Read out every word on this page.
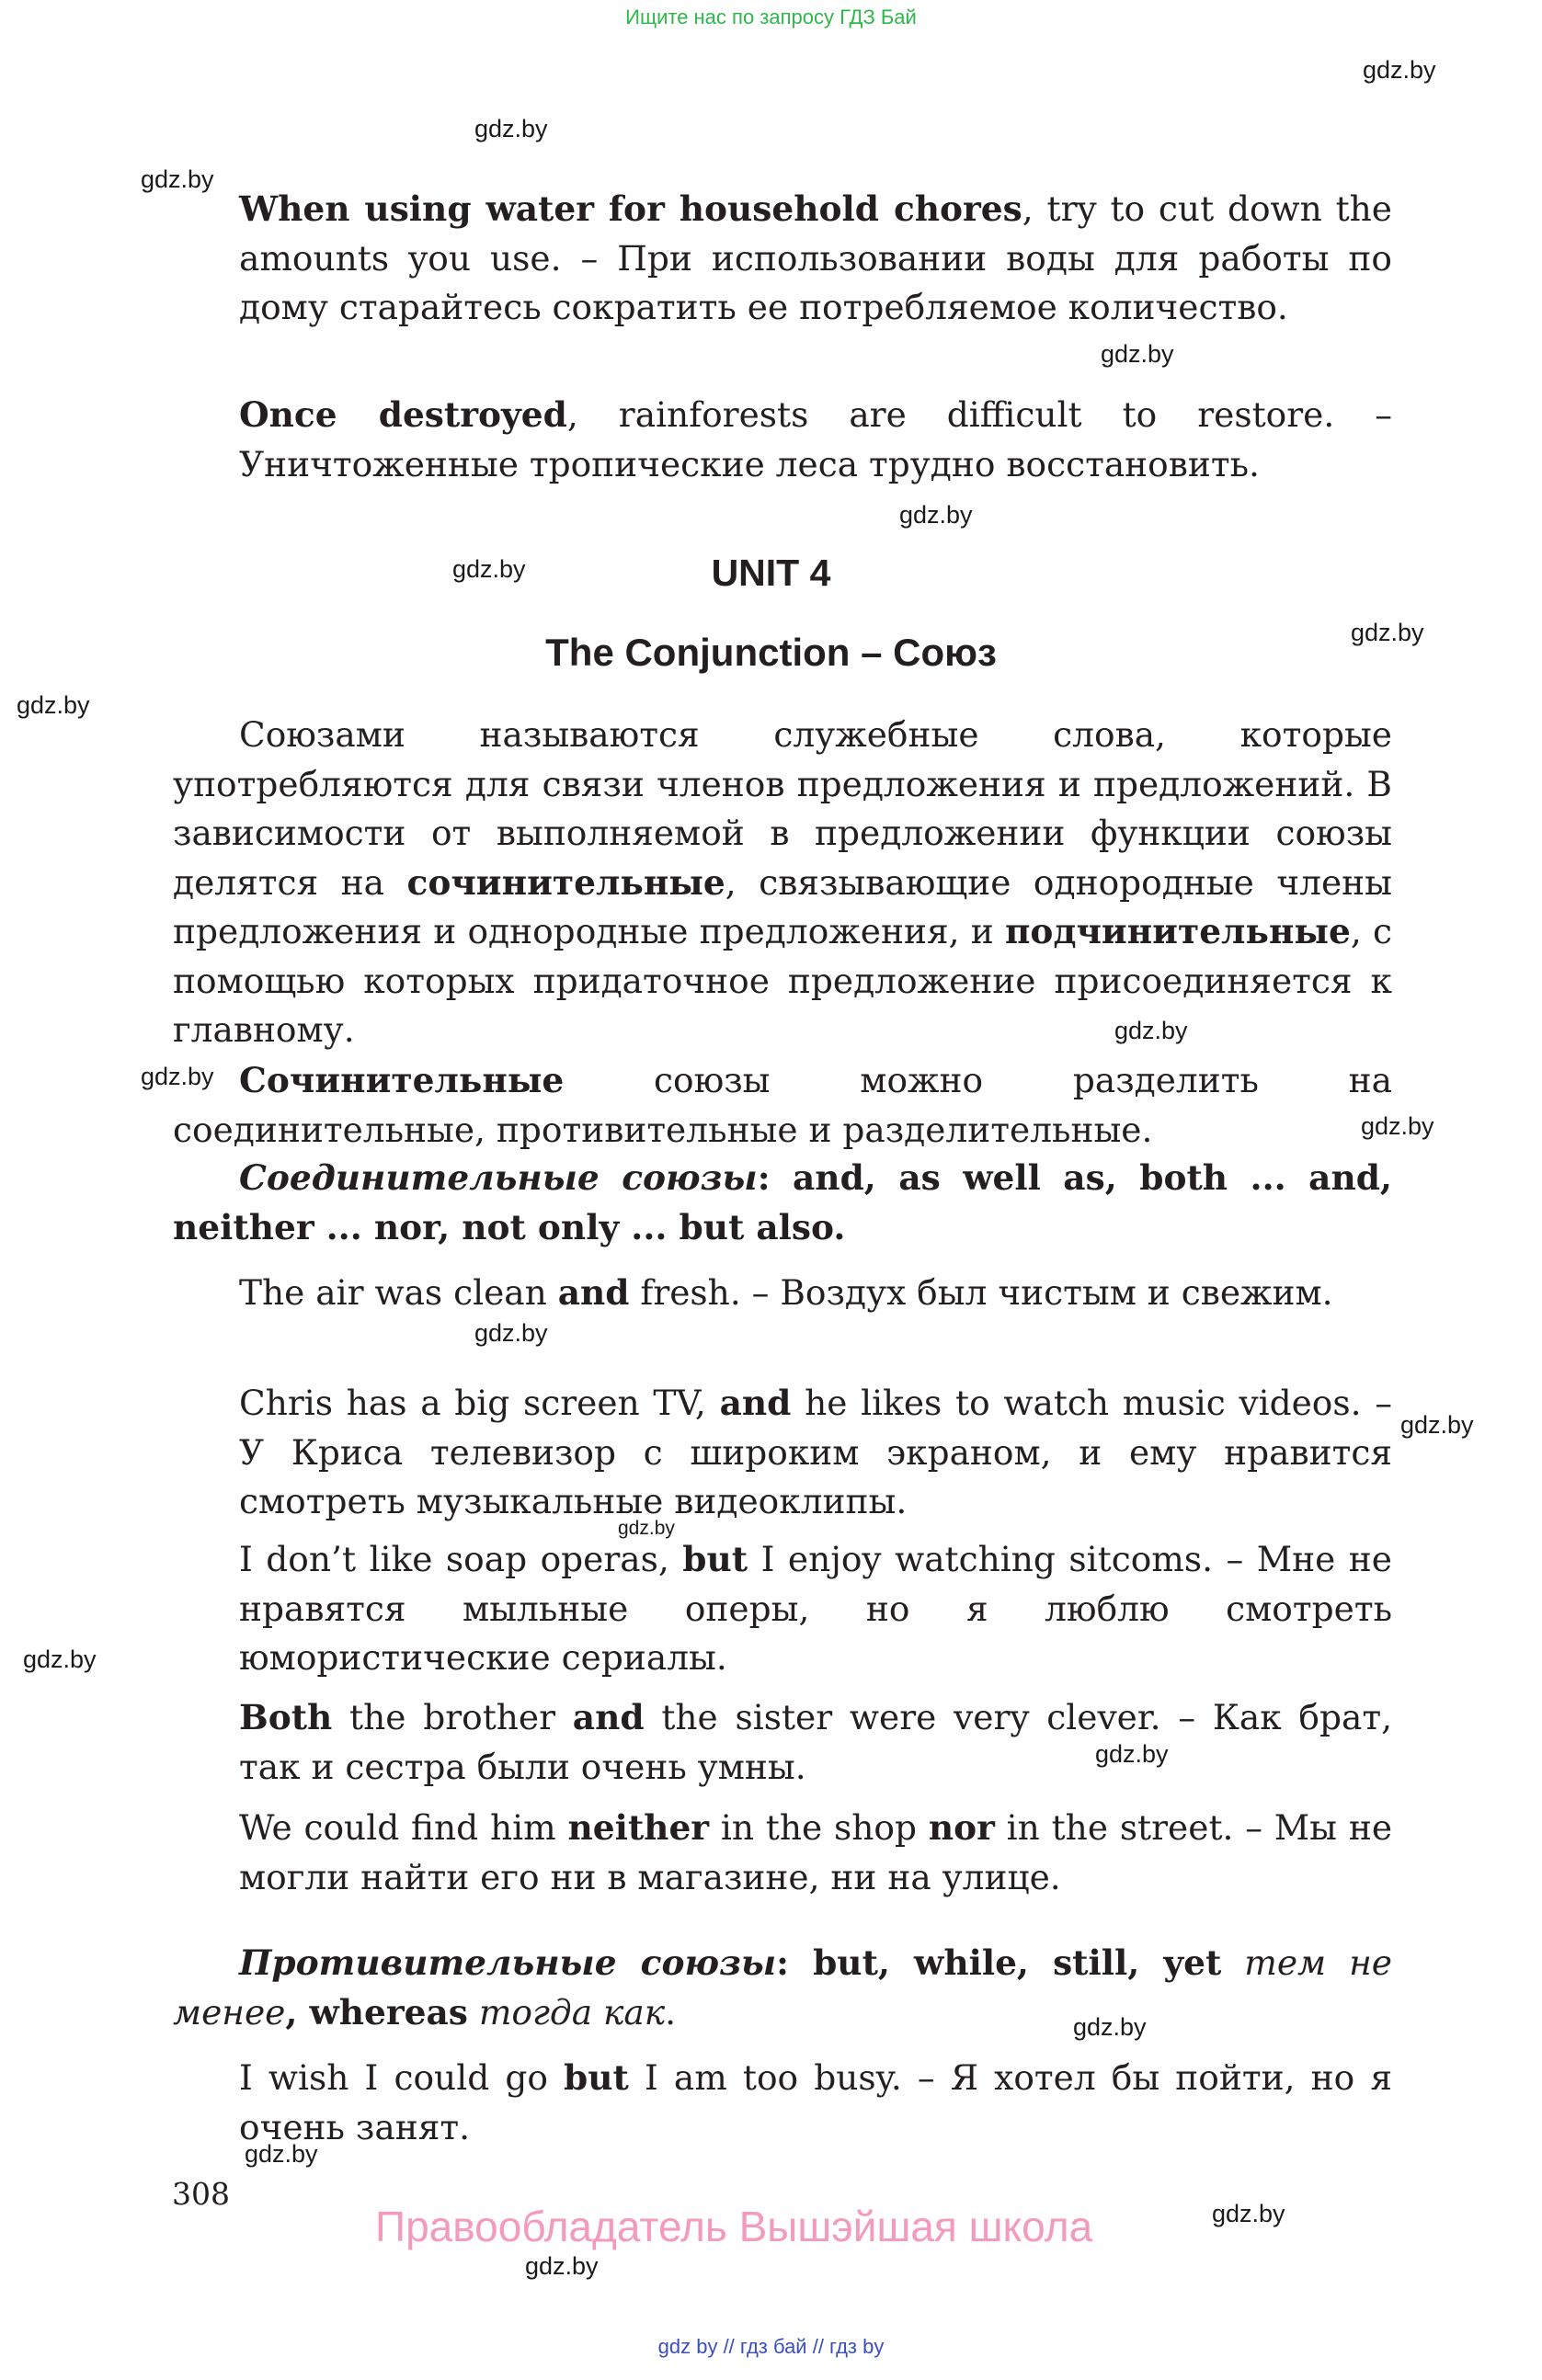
Ищите нас по запросу ГДЗ Бай
gdz.by
gdz.by
gdz.by
gdz.by
gdz.by
gdz.by
gdz.by
gdz.by
gdz.by
gdz.by
gdz.by
gdz.by
gdz.by
gdz.by
gdz.by
gdz.by
gdz.by
gdz.by
gdz.by
gdz.by

When using water for household chores, try to cut down the amounts you use. – При использовании воды для работы по дому старайтесь сократить ее потребляемое количество.

Once destroyed, rainforests are difficult to restore. – Уничтоженные тропические леса трудно восстановить.

UNIT 4
The Conjunction – Союз

Союзами называются служебные слова, которые употребляются для связи членов предложения и предложений. В зависимости от выполняемой в предложении функции союзы делятся на сочинительные, связывающие однородные члены предложения и однородные предложения, и подчинительные, с помощью которых придаточное предложение присоединяется к главному.

Сочинительные союзы можно разделить на соединительные, противительные и разделительные.

Соединительные союзы: and, as well as, both ... and, neither ... nor, not only ... but also.

The air was clean and fresh. – Воздух был чистым и свежим.

Chris has a big screen TV, and he likes to watch music videos. – У Криса телевизор с широким экраном, и ему нравится смотреть музыкальные видеоклипы.

I don’t like soap operas, but I enjoy watching sitcoms. – Мне не нравятся мыльные оперы, но я люблю смотреть юмористические сериалы.

Both the brother and the sister were very clever. – Как брат, так и сестра были очень умны.

We could find him neither in the shop nor in the street. – Мы не могли найти его ни в магазине, ни на улице.

Противительные союзы: but, while, still, yet тем не менее, whereas тогда как.

I wish I could go but I am too busy. – Я хотел бы пойти, но я очень занят.

308
Правообладатель Вышэйшая школа
gdz by // гдз бай // гдз by
